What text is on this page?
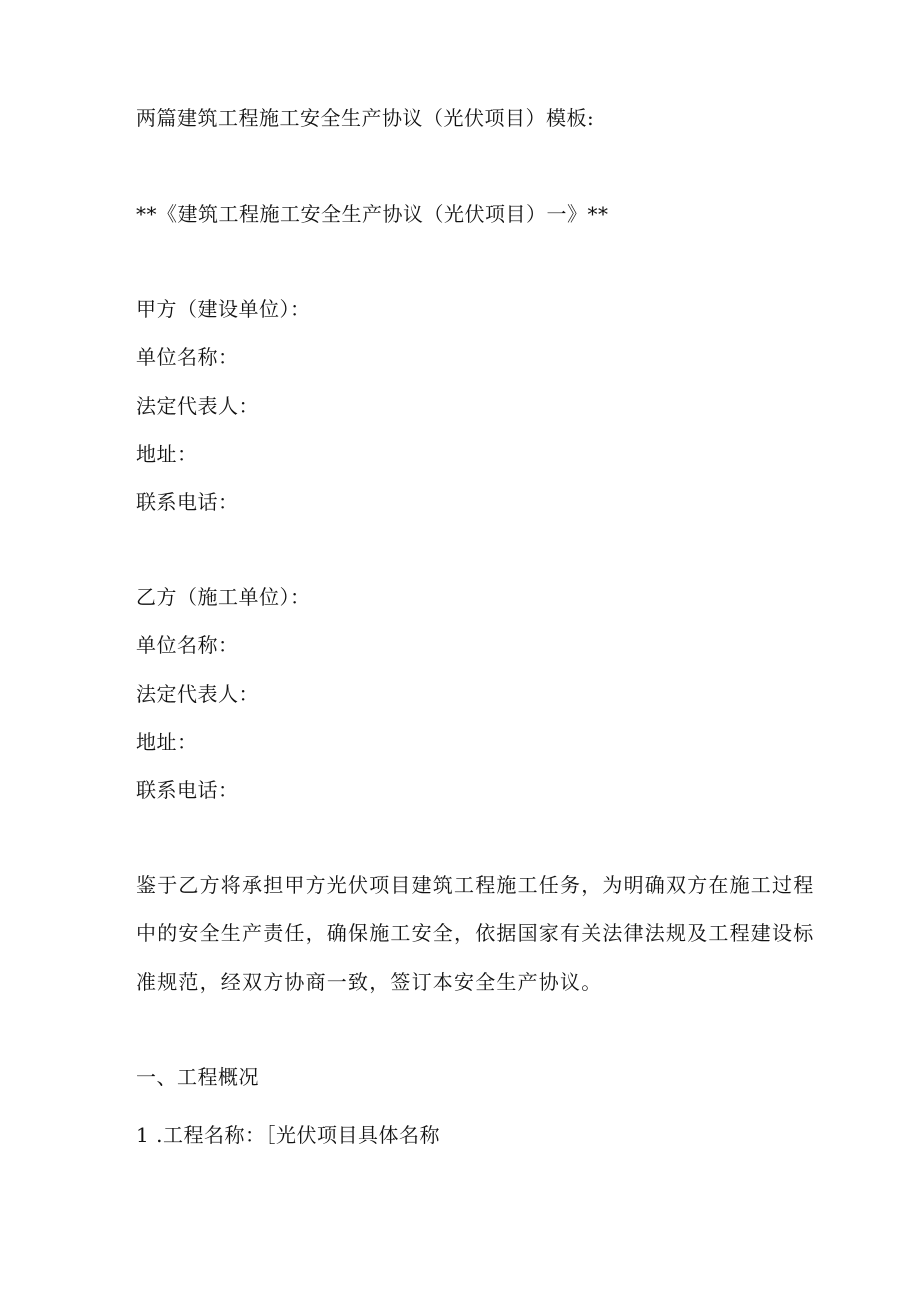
两篇建筑工程施工安全生产协议（光伏项目）模板:
**《建筑工程施工安全生产协议（光伏项目）一》**
甲方（建设单位）：
单位名称：
法定代表人：
地址：
联系电话：
乙方（施工单位）：
单位名称：
法定代表人：
地址：
联系电话：
鉴于乙方将承担甲方光伏项目建筑工程施工任务，为明确双方在施工过程
中的安全生产责任，确保施工安全，依据国家有关法律法规及工程建设标
准规范，经双方协商一致，签订本安全生产协议。
一、工程概况
1 .工程名称：［光伏项目具体名称
